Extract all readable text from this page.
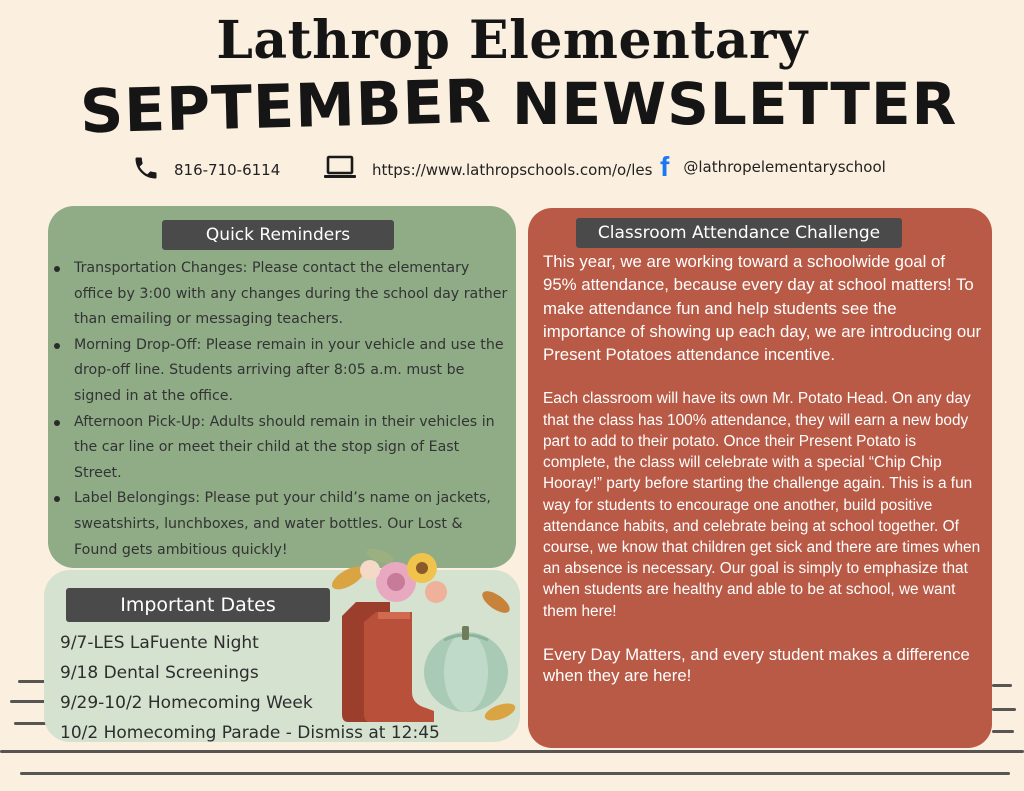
Lathrop Elementary
SEPTEMBER NEWSLETTER
816-710-6114	https://www.lathropschools.com/o/les f @lathropelementaryschool
Quick Reminders
Important Dates
Classroom Attendance Challenge
Transportation Changes: Please contact the elementary office by 3:00 with any changes during the school day rather than emailing or messaging teachers.
Morning Drop-Off: Please remain in your vehicle and use the drop-off line. Students arriving after 8:05 a.m. must be signed in at the office.
Afternoon Pick-Up: Adults should remain in their vehicles in the car line or meet their child at the stop sign of East Street.
Label Belongings: Please put your child’s name on jackets, sweatshirts, lunchboxes, and water bottles. Our Lost & Found gets ambitious quickly!
9/7-LES LaFuente Night
9/18 Dental Screenings
9/29-10/2 Homecoming Week
10/2 Homecoming Parade - Dismiss at 12:45

This year, we are working toward a schoolwide goal of 95% attendance, because every day at school matters! To make attendance fun and help students see the importance of showing up each day, we are introducing our Present Potatoes attendance incentive.

Each classroom will have its own Mr. Potato Head. On any day that the class has 100% attendance, they will earn a new body part to add to their potato. Once their Present Potato is complete, the class will celebrate with a special “Chip Chip Hooray!” party before starting the challenge again. This is a fun way for students to encourage one another, build positive attendance habits, and celebrate being at school together. Of course, we know that children get sick and there are times when an absence is necessary. Our goal is simply to emphasize that when students are healthy and able to be at school, we want them here!

Every Day Matters, and every student makes a difference when they are here!
